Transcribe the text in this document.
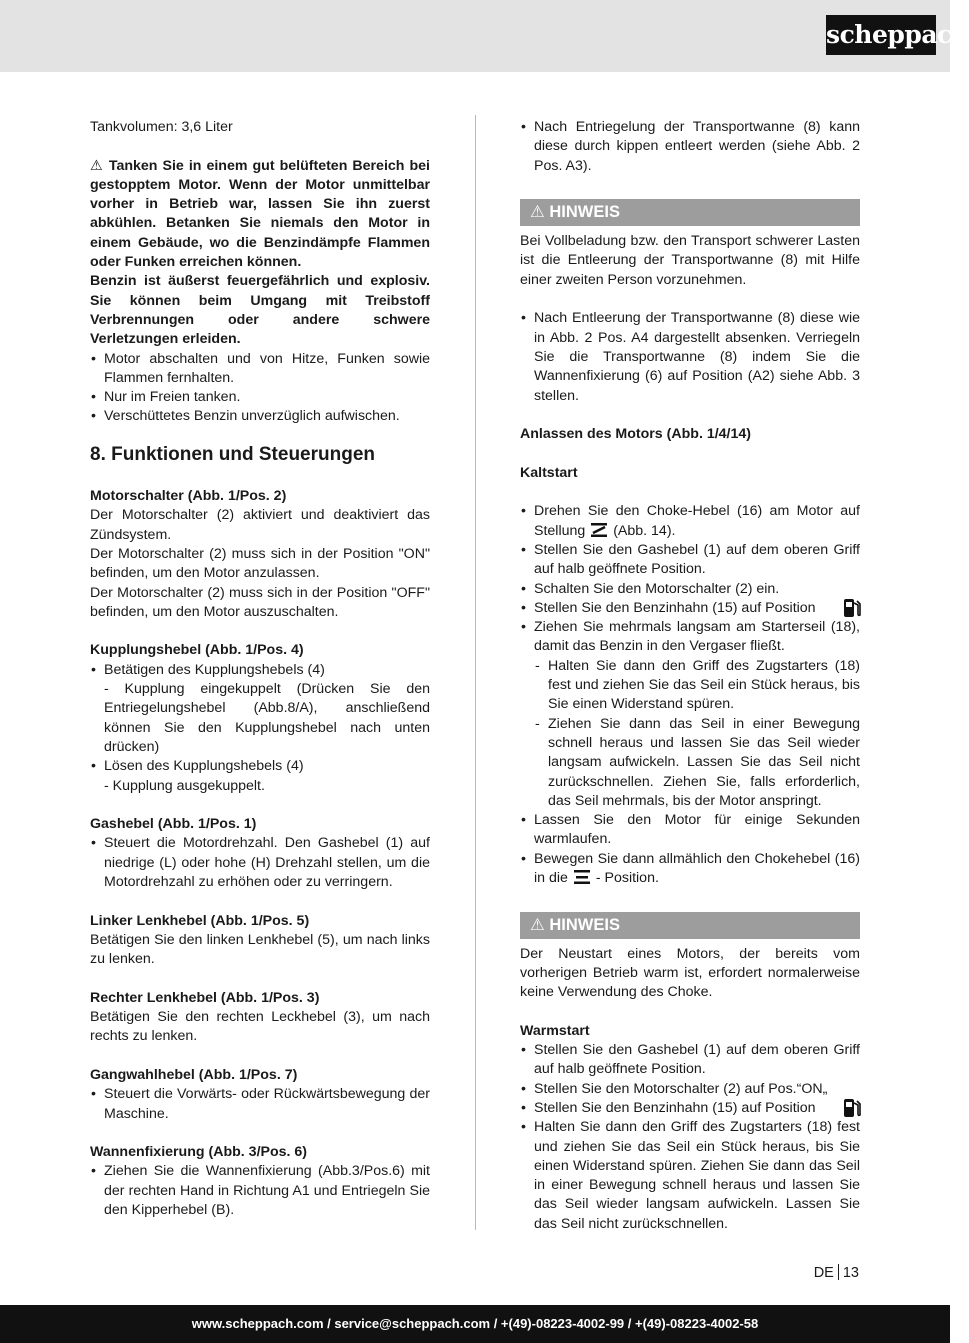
scheppach

Tankvolumen: 3,6 Liter

⚠ Tanken Sie in einem gut belüfteten Bereich bei gestopptem Motor. Wenn der Motor unmittelbar vorher in Betrieb war, lassen Sie ihn zuerst abkühlen. Betanken Sie niemals den Motor in einem Gebäude, wo die Benzindämpfe Flammen oder Funken erreichen können.

Benzin ist äußerst feuergefährlich und explosiv. Sie können beim Umgang mit Treibstoff Verbrennungen oder andere schwere Verletzungen erleiden.

• Motor abschalten und von Hitze, Funken sowie Flammen fernhalten.
• Nur im Freien tanken.
• Verschüttetes Benzin unverzüglich aufwischen.
8. Funktionen und Steuerungen

Motorschalter (Abb. 1/Pos. 2)

Der Motorschalter (2) aktiviert und deaktiviert das Zündsystem.

Der Motorschalter (2) muss sich in der Position "ON" befinden, um den Motor anzulassen.

Der Motorschalter (2) muss sich in der Position "OFF" befinden, um den Motor auszuschalten.

Kupplungshebel (Abb. 1/Pos. 4)

• Betätigen des Kupplungshebels (4)
- Kupplung eingekuppelt (Drücken Sie den Entriegelungshebel (Abb.8/A), anschließend können Sie den Kupplungshebel nach unten drücken)
• Lösen des Kupplungshebels (4)
- Kupplung ausgekuppelt.

Gashebel (Abb. 1/Pos. 1)

• Steuert die Motordrehzahl. Den Gashebel (1) auf niedrige (L) oder hohe (H) Drehzahl stellen, um die Motordrehzahl zu erhöhen oder zu verringern.

Linker Lenkhebel (Abb. 1/Pos. 5)

Betätigen Sie den linken Lenkhebel (5), um nach links zu lenken.

Rechter Lenkhebel (Abb. 1/Pos. 3)

Betätigen Sie den rechten Leckhebel (3), um nach rechts zu lenken.

Gangwahlhebel (Abb. 1/Pos. 7)

• Steuert die Vorwärts- oder Rückwärtsbewegung der Maschine.

Wannenfixierung (Abb. 3/Pos. 6)

• Ziehen Sie die Wannenfixierung (Abb.3/Pos.6) mit der rechten Hand in Richtung A1 und Entriegeln Sie den Kipperhebel (B).
• Nach Entriegelung der Transportwanne (8) kann diese durch kippen entleert werden (siehe Abb. 2 Pos. A3).
⚠ HINWEIS

Bei Vollbeladung bzw. den Transport schwerer Lasten ist die Entleerung der Transportwanne (8) mit Hilfe einer zweiten Person vorzunehmen.

• Nach Entleerung der Transportwanne (8) diese wie in Abb. 2 Pos. A4 dargestellt absenken. Verriegeln Sie die Transportwanne (8) indem Sie die Wannenfixierung (6) auf Position (A2) siehe Abb. 3 stellen.

Anlassen des Motors (Abb. 1/4/14)

Kaltstart

• Drehen Sie den Choke-Hebel (16) am Motor auf Stellung (Abb. 14).
• Stellen Sie den Gashebel (1) auf dem oberen Griff auf halb geöffnete Position.
• Schalten Sie den Motorschalter (2) ein.
• Stellen Sie den Benzinhahn (15) auf Position
• Ziehen Sie mehrmals langsam am Starterseil (18), damit das Benzin in den Vergaser fließt.
- Halten Sie dann den Griff des Zugstarters (18) fest und ziehen Sie das Seil ein Stück heraus, bis Sie einen Widerstand spüren.
- Ziehen Sie dann das Seil in einer Bewegung schnell heraus und lassen Sie das Seil wieder langsam aufwickeln. Lassen Sie das Seil nicht zurückschnellen. Ziehen Sie, falls erforderlich, das Seil mehrmals, bis der Motor anspringt.
• Lassen Sie den Motor für einige Sekunden warmlaufen.
• Bewegen Sie dann allmählich den Chokehebel (16) in die - Position.
⚠ HINWEIS

Der Neustart eines Motors, der bereits vom vorherigen Betrieb warm ist, erfordert normalerweise keine Verwendung des Choke.

Warmstart

• Stellen Sie den Gashebel (1) auf dem oberen Griff auf halb geöffnete Position.
• Stellen Sie den Motorschalter (2) auf Pos.“ON„
• Stellen Sie den Benzinhahn (15) auf Position
• Halten Sie dann den Griff des Zugstarters (18) fest und ziehen Sie das Seil ein Stück heraus, bis Sie einen Widerstand spüren. Ziehen Sie dann das Seil in einer Bewegung schnell heraus und lassen Sie das Seil wieder langsam aufwickeln. Lassen Sie das Seil nicht zurückschnellen.
DE 13
www.scheppach.com / service@scheppach.com / +(49)-08223-4002-99 / +(49)-08223-4002-58
